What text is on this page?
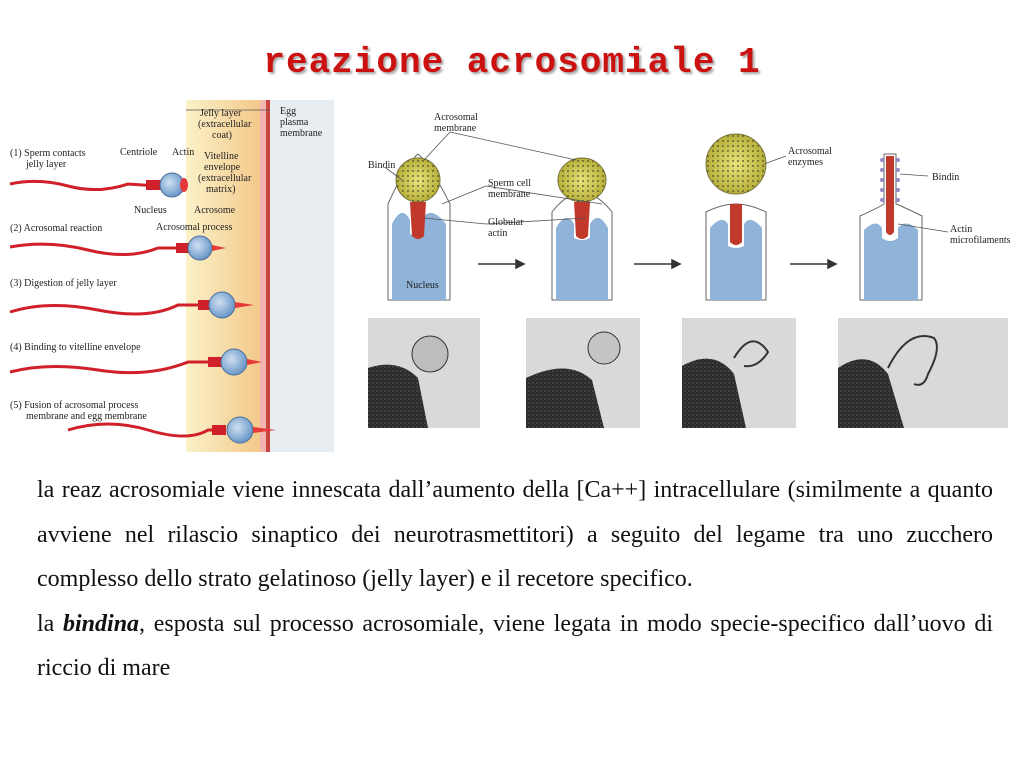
reazione acrosomiale 1
Jelly layer
(extracellular
coat)
Egg
plasma
membrane
Centriole Actin Vitelline
envelope
(extracellular
matrix)
Nucleus	Acrosome
Acrosomal process
(1) Sperm contacts
jelly layer
(2) Acrosomal reaction
(3) Digestion of jelly layer
(4) Binding to vitelline envelope
(5) Fusion of acrosomal process
membrane and egg membrane
Acrosomal
membrane
Bindin
Sperm cell
membrane
Globular
actin
Nucleus
Acrosomal
enzymes
Bindin
Actin
microfilaments

la reaz acrosomiale viene innescata dall’aumento della [Ca++] intracellulare (similmente a quanto avviene nel rilascio sinaptico dei neurotrasmettitori) a seguito del legame tra uno zucchero complesso dello strato gelatinoso (jelly layer) e il recetore specifico.

la bindina, esposta sul processo acrosomiale, viene legata in modo specie-specifico dall’uovo di riccio di mare
